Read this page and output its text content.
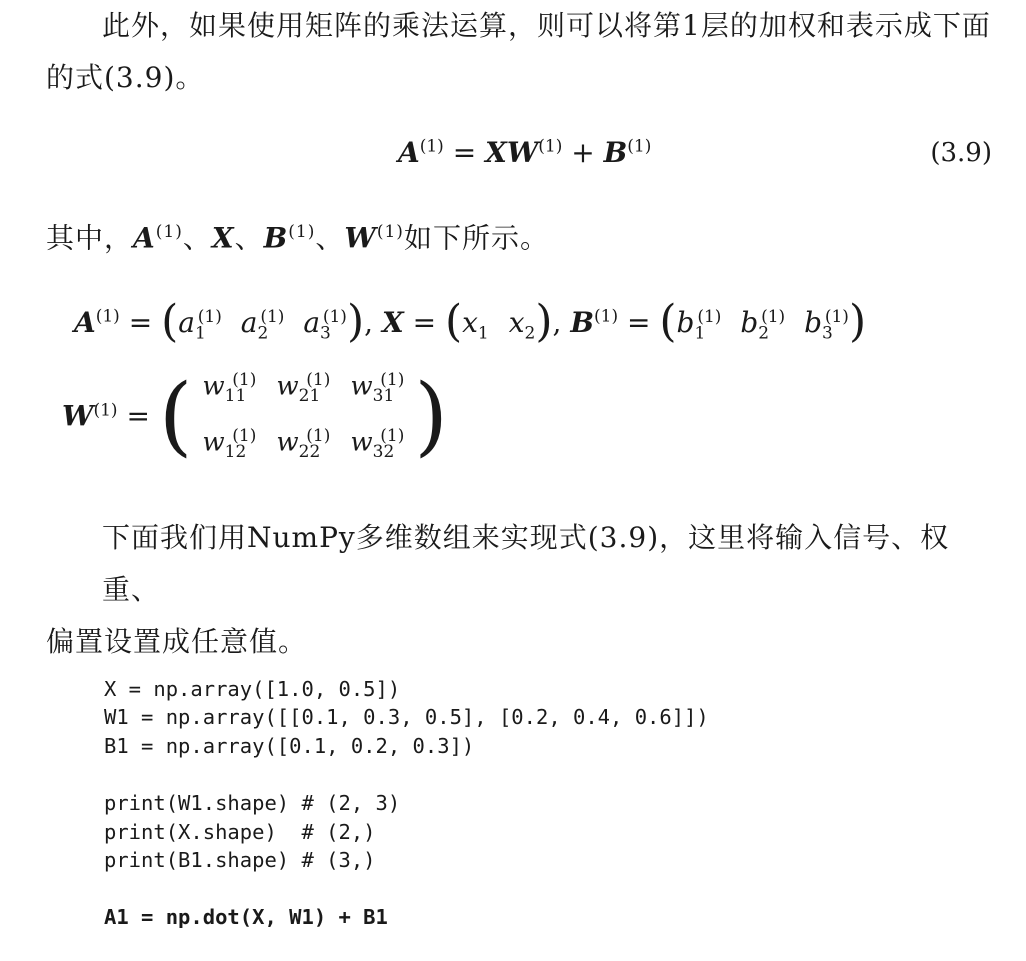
此外，如果使用矩阵的乘法运算，则可以将第1层的加权和表示成下面
的式(3.9)。
$A^{(1)} = XW^{(1)} + B^{(1)}$	(3.9)
其中，$A^{(1)}$、X、$B^{(1)}$、$W^{(1)}$如下所示。
$A^{(1)} = (a_1^{(1)}$ $a_2^{(1)}$ $a_3^{(1)}$), $X = (x_1$ $x_2$), $B^{(1)} = (b_1^{(1)}$ $b_2^{(1)}$ $b_3^{(1)}$)
$W^{(1)}$ = ( $w_{11}^{(1)}$	$w_{21}^{(1)}$	$w_{31}^{(1)}$
$w_{12}^{(1)}$	$w_{22}^{(1)}$	$w_{32}^{(1)}$ )
下面我们用NumPy多维数组来实现式(3.9)，这里将输入信号、权重、
偏置设置成任意值。

X = np.array([1.0, 0.5])
W1 = np.array([[0.1, 0.3, 0.5], [0.2, 0.4, 0.6]])
B1 = np.array([0.1, 0.2, 0.3])

print(W1.shape) # (2, 3)
print(X.shape)  # (2,)
print(B1.shape) # (3,)

A1 = np.dot(X, W1) + B1
